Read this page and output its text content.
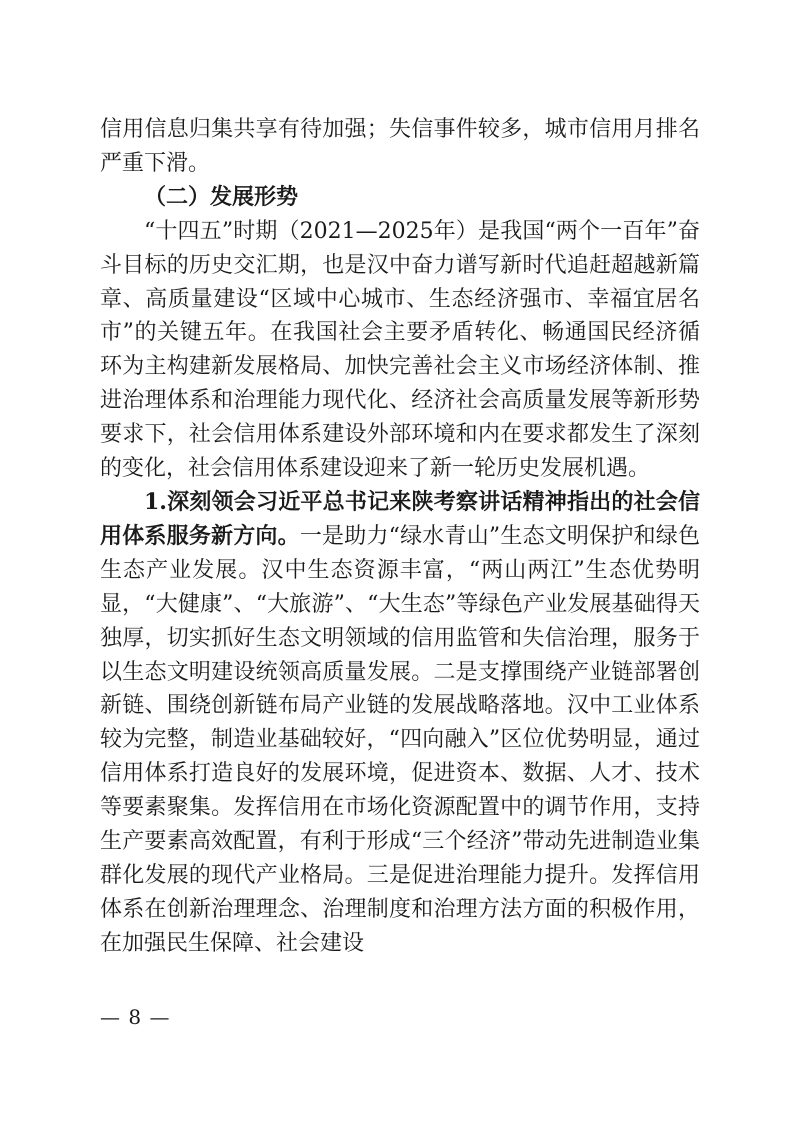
信用信息归集共享有待加强；失信事件较多，城市信用月排名严重下滑。

（二）发展形势

“十四五”时期（2021—2025年）是我国“两个一百年”奋斗目标的历史交汇期，也是汉中奋力谱写新时代追赶超越新篇章、高质量建设“区域中心城市、生态经济强市、幸福宜居名市”的关键五年。在我国社会主要矛盾转化、畅通国民经济循环为主构建新发展格局、加快完善社会主义市场经济体制、推进治理体系和治理能力现代化、经济社会高质量发展等新形势要求下，社会信用体系建设外部环境和内在要求都发生了深刻的变化，社会信用体系建设迎来了新一轮历史发展机遇。

1.深刻领会习近平总书记来陕考察讲话精神指出的社会信用体系服务新方向。一是助力“绿水青山”生态文明保护和绿色生态产业发展。汉中生态资源丰富，“两山两江”生态优势明显，“大健康”、“大旅游”、“大生态”等绿色产业发展基础得天独厚，切实抓好生态文明领域的信用监管和失信治理，服务于以生态文明建设统领高质量发展。二是支撑围绕产业链部署创新链、围绕创新链布局产业链的发展战略落地。汉中工业体系较为完整，制造业基础较好，“四向融入”区位优势明显，通过信用体系打造良好的发展环境，促进资本、数据、人才、技术等要素聚集。发挥信用在市场化资源配置中的调节作用，支持生产要素高效配置，有利于形成“三个经济”带动先进制造业集群化发展的现代产业格局。三是促进治理能力提升。发挥信用体系在创新治理理念、治理制度和治理方法方面的积极作用，在加强民生保障、社会建设

— 8 —
